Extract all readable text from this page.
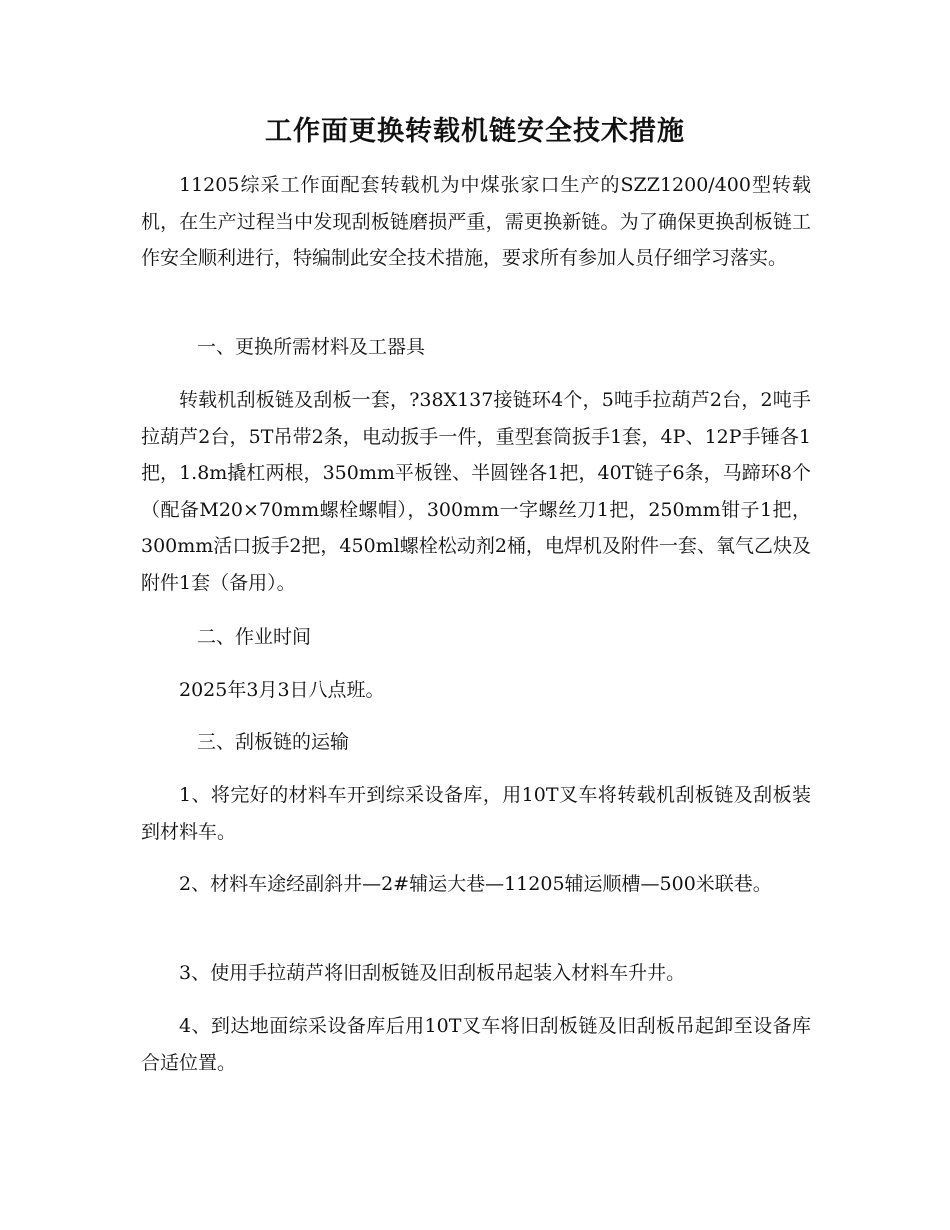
工作面更换转载机链安全技术措施

11205综采工作面配套转载机为中煤张家口生产的SZZ1200/400型转载机，在生产过程当中发现刮板链磨损严重，需更换新链。为了确保更换刮板链工作安全顺利进行，特编制此安全技术措施，要求所有参加人员仔细学习落实。

一、更换所需材料及工器具

转载机刮板链及刮板一套，?38X137接链环4个，5吨手拉葫芦2台，2吨手拉葫芦2台，5T吊带2条，电动扳手一件，重型套筒扳手1套，4P、12P手锤各1把，1.8m撬杠两根，350mm平板锉、半圆锉各1把，40T链子6条，马蹄环8个（配备M20×70mm螺栓螺帽），300mm一字螺丝刀1把，250mm钳子1把，300mm活口扳手2把，450ml螺栓松动剂2桶，电焊机及附件一套、氧气乙炔及附件1套（备用）。

二、作业时间

2025年3月3日八点班。

三、刮板链的运输

1、将完好的材料车开到综采设备库，用10T叉车将转载机刮板链及刮板装到材料车。

2、材料车途经副斜井—2#辅运大巷—11205辅运顺槽—500米联巷。

3、使用手拉葫芦将旧刮板链及旧刮板吊起装入材料车升井。

4、到达地面综采设备库后用10T叉车将旧刮板链及旧刮板吊起卸至设备库合适位置。
